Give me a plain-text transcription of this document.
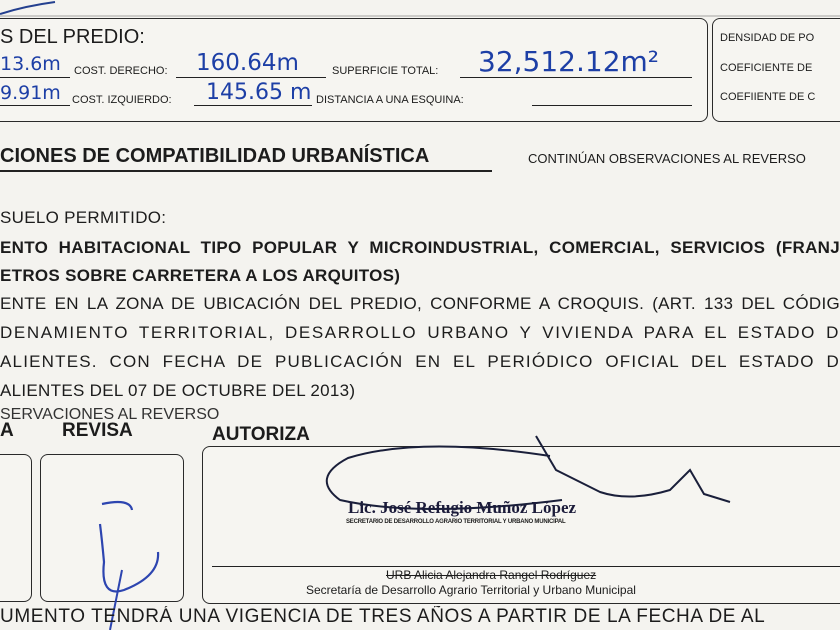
S DEL PREDIO:
13.6m COST. DERECHO: 160.64m	SUPERFICIE TOTAL: 32,512.12m²
9.91m COST. IZQUIERDO: 145.65 m DISTANCIA A UNA ESQUINA:
DENSIDAD DE PO
COEFICIENTE DE
COEFIIENTE DE C
CIONES DE COMPATIBILIDAD URBANÍSTICA	CONTINÚAN OBSERVACIONES AL REVERSO
SUELO PERMITIDO:
ENTO HABITACIONAL TIPO POPULAR Y MICROINDUSTRIAL, COMERCIAL, SERVICIOS (FRANJ
ETROS SOBRE CARRETERA A LOS ARQUITOS)
ENTE EN LA ZONA DE UBICACIÓN DEL PREDIO, CONFORME A CROQUIS. (ART. 133 DEL CÓDIG
DENAMIENTO TERRITORIAL, DESARROLLO URBANO Y VIVIENDA PARA EL ESTADO D
ALIENTES. CON FECHA DE PUBLICACIÓN EN EL PERIÓDICO OFICIAL DEL ESTADO D
ALIENTES DEL 07 DE OCTUBRE DEL 2013)
SERVACIONES AL REVERSO
A	REVISA	AUTORIZA
Lic. José Refugio Muñoz López
SECRETARIO DE DESARROLLO AGRARIO TERRITORIAL Y URBANO MUNICIPAL
URB Alicia Alejandra Rangel Rodríguez
Secretaría de Desarrollo Agrario Territorial y Urbano Municipal
UMENTO TENDRÁ UNA VIGENCIA DE TRES AÑOS A PARTIR DE LA FECHA DE AL
